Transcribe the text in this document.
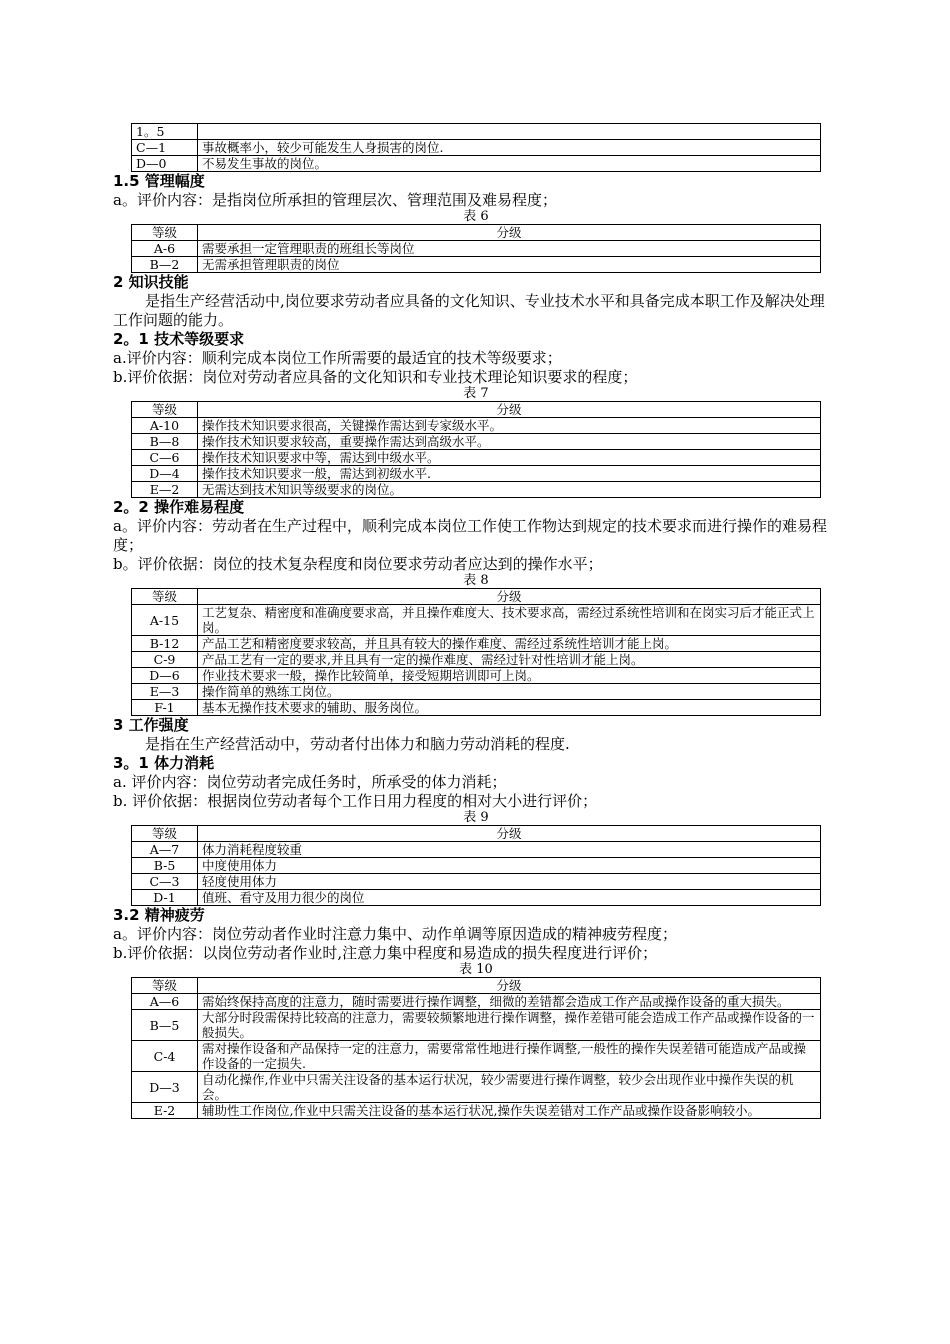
1。5	
C—1	事故概率小，较少可能发生人身损害的岗位.
D—0	不易发生事故的岗位。
1.5 管理幅度
a。评价内容：是指岗位所承担的管理层次、管理范围及难易程度；
表 6
等级	分级
A-6	需要承担一定管理职责的班组长等岗位
B—2	无需承担管理职责的岗位
2 知识技能
是指生产经营活动中,岗位要求劳动者应具备的文化知识、专业技术水平和具备完成本职工作及解决处理工作问题的能力。
2。1 技术等级要求
a.评价内容：顺利完成本岗位工作所需要的最适宜的技术等级要求；
b.评价依据：岗位对劳动者应具备的文化知识和专业技术理论知识要求的程度；
表 7
等级	分级
A-10	操作技术知识要求很高，关键操作需达到专家级水平。
B—8	操作技术知识要求较高，重要操作需达到高级水平。
C—6	操作技术知识要求中等，需达到中级水平。
D—4	操作技术知识要求一般，需达到初级水平.
E—2	无需达到技术知识等级要求的岗位。
2。2 操作难易程度
a。评价内容：劳动者在生产过程中，顺利完成本岗位工作使工作物达到规定的技术要求而进行操作的难易程度；
b。评价依据：岗位的技术复杂程度和岗位要求劳动者应达到的操作水平；
表 8
等级	分级
A-15	工艺复杂、精密度和准确度要求高，并且操作难度大、技术要求高，需经过系统性培训和在岗实习后才能正式上岗。
B-12	产品工艺和精密度要求较高，并且具有较大的操作难度、需经过系统性培训才能上岗。
C-9	产品工艺有一定的要求,并且具有一定的操作难度、需经过针对性培训才能上岗。
D—6	作业技术要求一般，操作比较简单，接受短期培训即可上岗。
E—3	操作简单的熟练工岗位。
F-1	基本无操作技术要求的辅助、服务岗位。
3 工作强度
是指在生产经营活动中，劳动者付出体力和脑力劳动消耗的程度.
3。1 体力消耗
a. 评价内容：岗位劳动者完成任务时，所承受的体力消耗；
b. 评价依据：根据岗位劳动者每个工作日用力程度的相对大小进行评价；
表 9
等级	分级
A—7	体力消耗程度较重
B-5	中度使用体力
C—3	轻度使用体力
D-1	值班、看守及用力很少的岗位
3.2 精神疲劳
a。评价内容：岗位劳动者作业时注意力集中、动作单调等原因造成的精神疲劳程度；
b.评价依据：以岗位劳动者作业时,注意力集中程度和易造成的损失程度进行评价；
表 10
等级	分级
A—6	需始终保持高度的注意力，随时需要进行操作调整，细微的差错都会造成工作产品或操作设备的重大损失。
B—5	大部分时段需保持比较高的注意力，需要较频繁地进行操作调整，操作差错可能会造成工作产品或操作设备的一般损失。
C-4	需对操作设备和产品保持一定的注意力，需要常常性地进行操作调整,一般性的操作失误差错可能造成产品或操作设备的一定损失.
D—3	自动化操作,作业中只需关注设备的基本运行状况，较少需要进行操作调整，较少会出现作业中操作失误的机会。
E-2	辅助性工作岗位,作业中只需关注设备的基本运行状况,操作失误差错对工作产品或操作设备影响较小。
